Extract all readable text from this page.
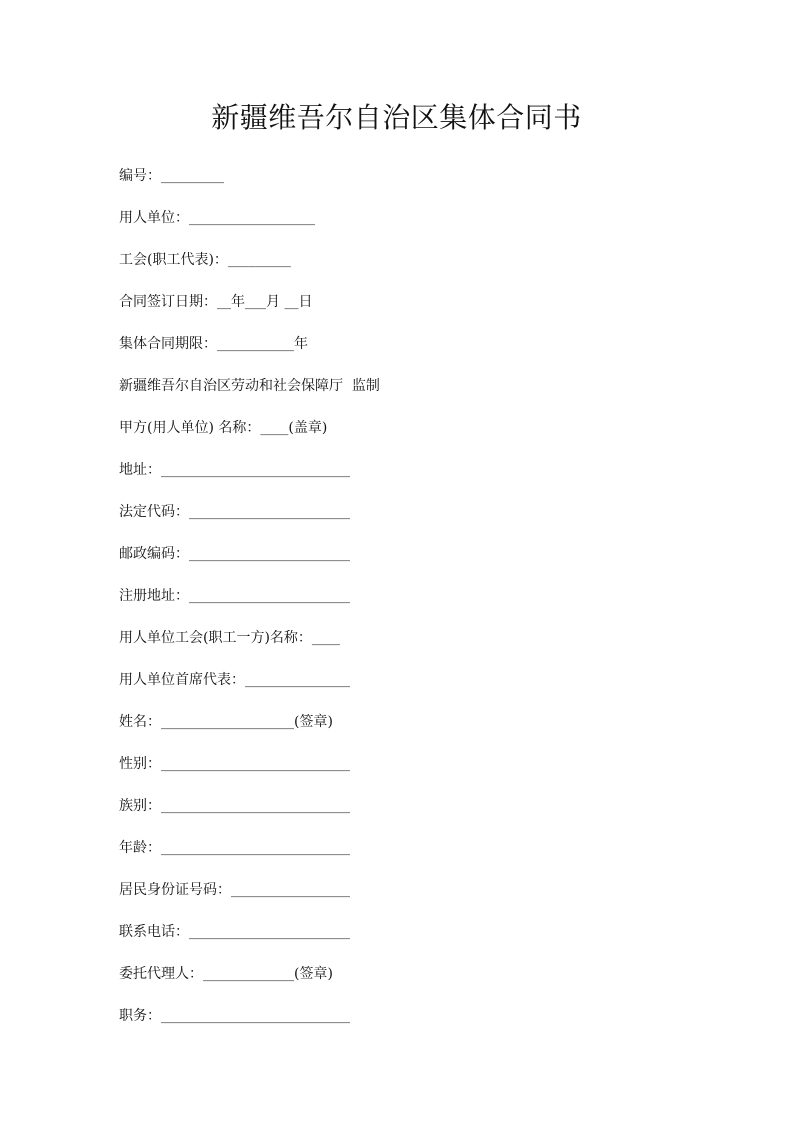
新疆维吾尔自治区集体合同书
编号：_________
用人单位：__________________
工会(职工代表)：_________
合同签订日期：__年___月 __日
集体合同期限：___________年
新疆维吾尔自治区劳动和社会保障厅  监制
甲方(用人单位) 名称：____(盖章)
地址：___________________________
法定代码：_______________________
邮政编码：_______________________
注册地址：_______________________
用人单位工会(职工一方)名称：____
用人单位首席代表：_______________
姓名：___________________(签章)
性别：___________________________
族别：___________________________
年龄：___________________________
居民身份证号码：_________________
联系电话：_______________________
委托代理人：_____________(签章)
职务：___________________________
